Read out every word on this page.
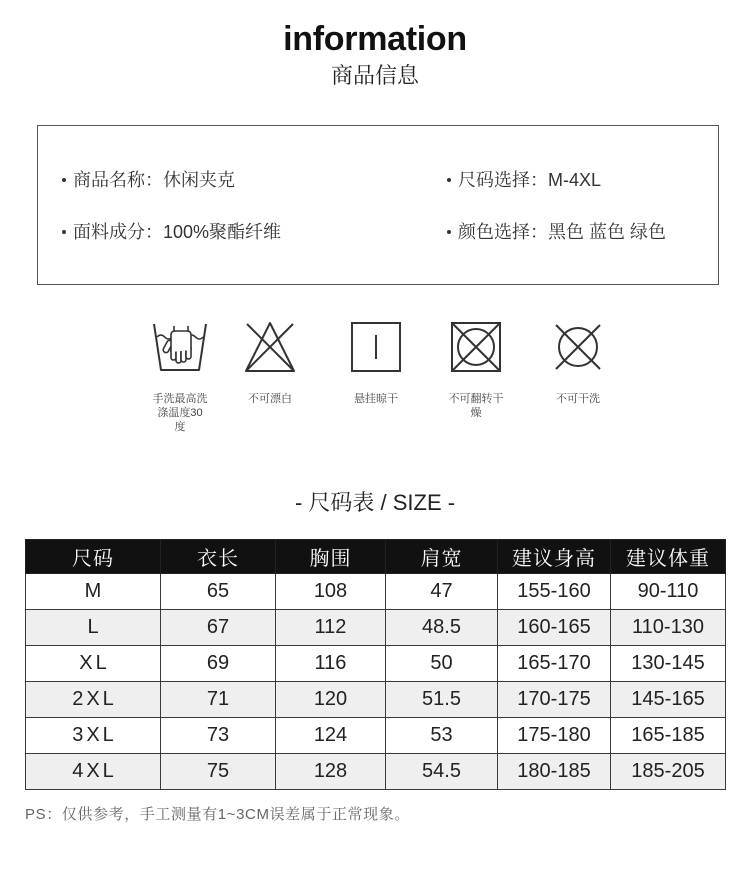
information
商品信息
商品名称：休闲夹克	尺码选择：M-4XL
面料成分：100%聚酯纤维	颜色选择：黑色 蓝色 绿色
手洗最高洗
涤温度30
度
不可漂白	悬挂晾干	不可翻转干
燥
不可干洗
- 尺码表 / SIZE -
尺码	衣长	胸围	肩宽	建议身高	建议体重
M	65	108	47	155-160	90-110
L	67	112	48.5	160-165	110-130
XL	69	116	50	165-170	130-145
2XL	71	120	51.5	170-175	145-165
3XL	73	124	53	175-180	165-185
4XL	75	128	54.5	180-185	185-205
PS：仅供参考，手工测量有1~3CM误差属于正常现象。
